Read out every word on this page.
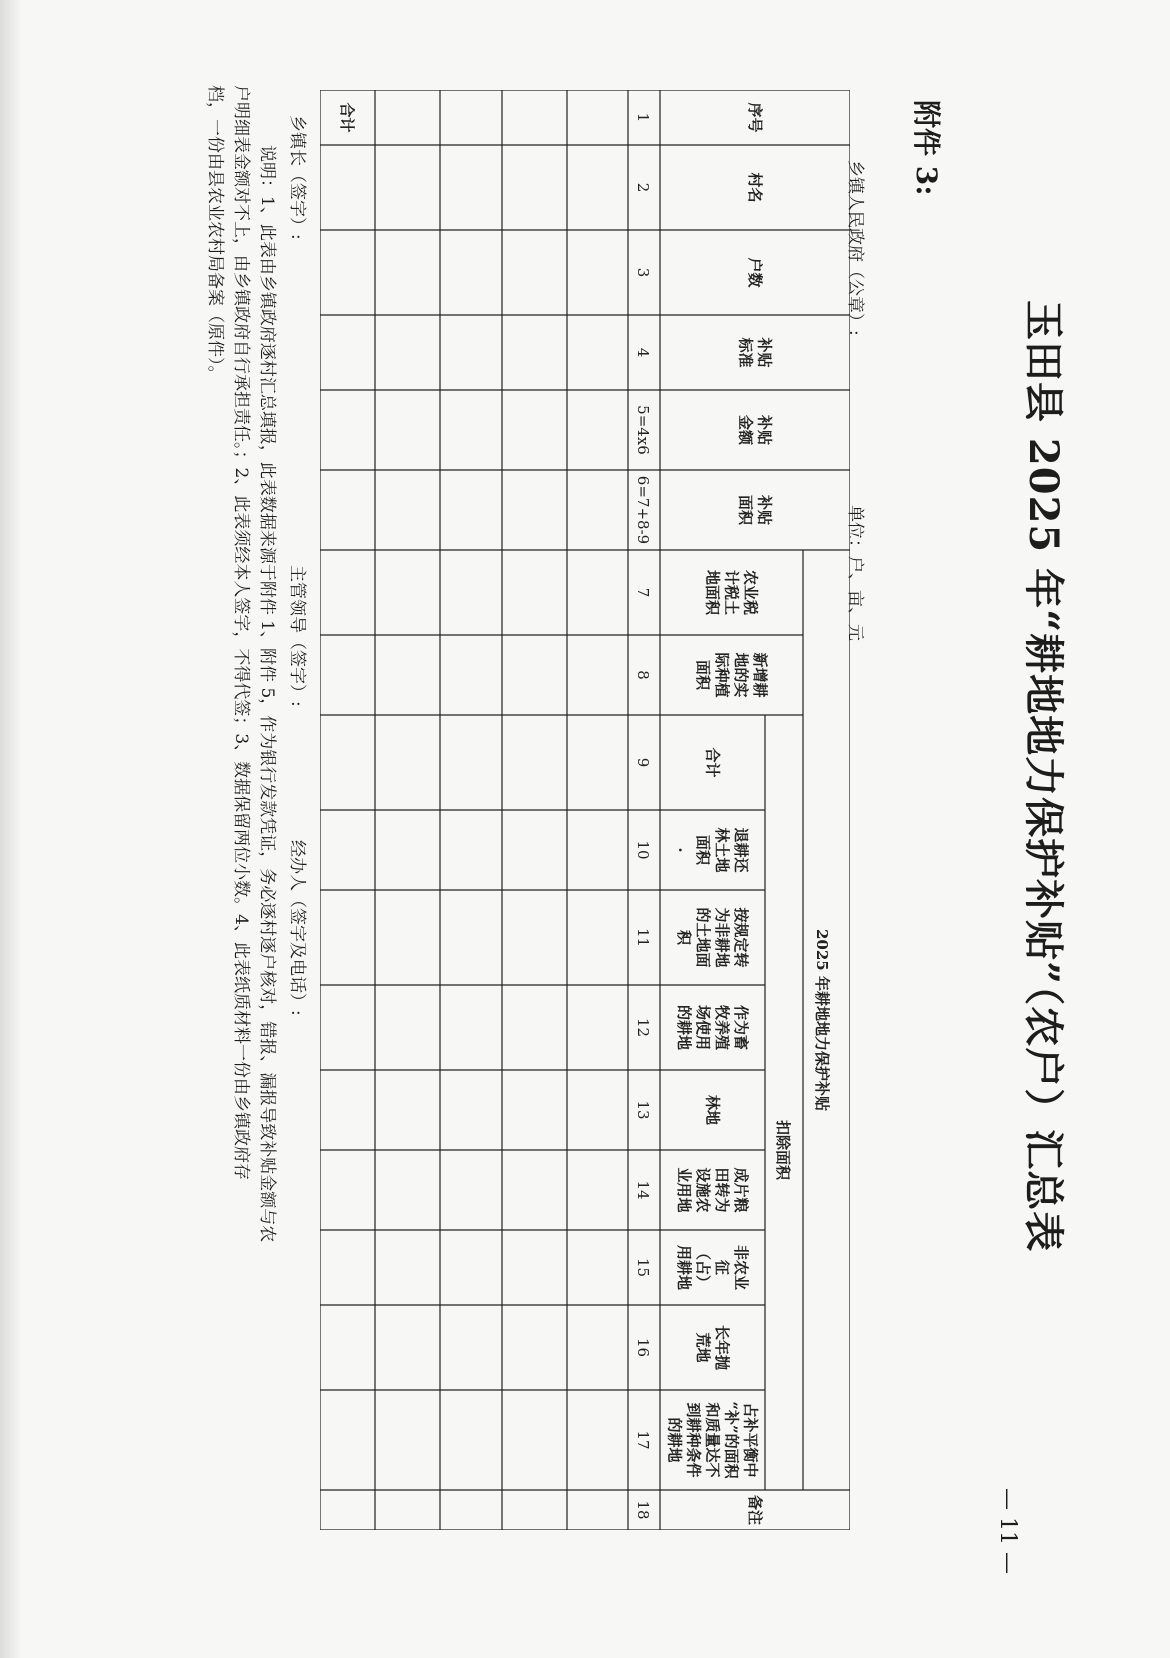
附件 3:
玉田县 2025 年“耕地地力保护补贴”（农户）汇总表
乡镇人民政府（公章）:
单位：户、亩、元
2025 年耕地地力保护补贴
扣除面积
序号
1
村名
2
户数
3
补贴
标准
4
补贴
金额
5=4x6
补贴
面积
6=7+8-9
农业税
计税土
地面积
7
新增耕
地的实
际种植
面积
8
合计
9
退耕还
林土地
面积
.
10
按规定转
为非耕地
的土地面
积
11
作为畜
牧养殖
场使用
的耕地
12
林地
13
成片粮
田转为
设施农
业用地
14
非农业
征
（占）
用耕地
15
长年抛
荒地
16
占补平衡中
“补”的面积
和质量达不
到耕种条件
的耕地
17
备注
18
合计
乡镇长（签字）:
主管领导（签字）:
经办人（签字及电话）:
说明：1、此表由乡镇政府逐村汇总填报，此表数据来源于附件 1、附件 5，作为银行发款凭证，务必逐村逐户核对，错报、漏报导致补贴金额与农
户明细表金额对不上，由乡镇政府自行承担责任。；2、此表须经本人签字，不得代签；3、数据保留两位小数。4、此表纸质材料一份由乡镇政府存
档，一份由县农业农村局备案（原件）。
— 11 —
